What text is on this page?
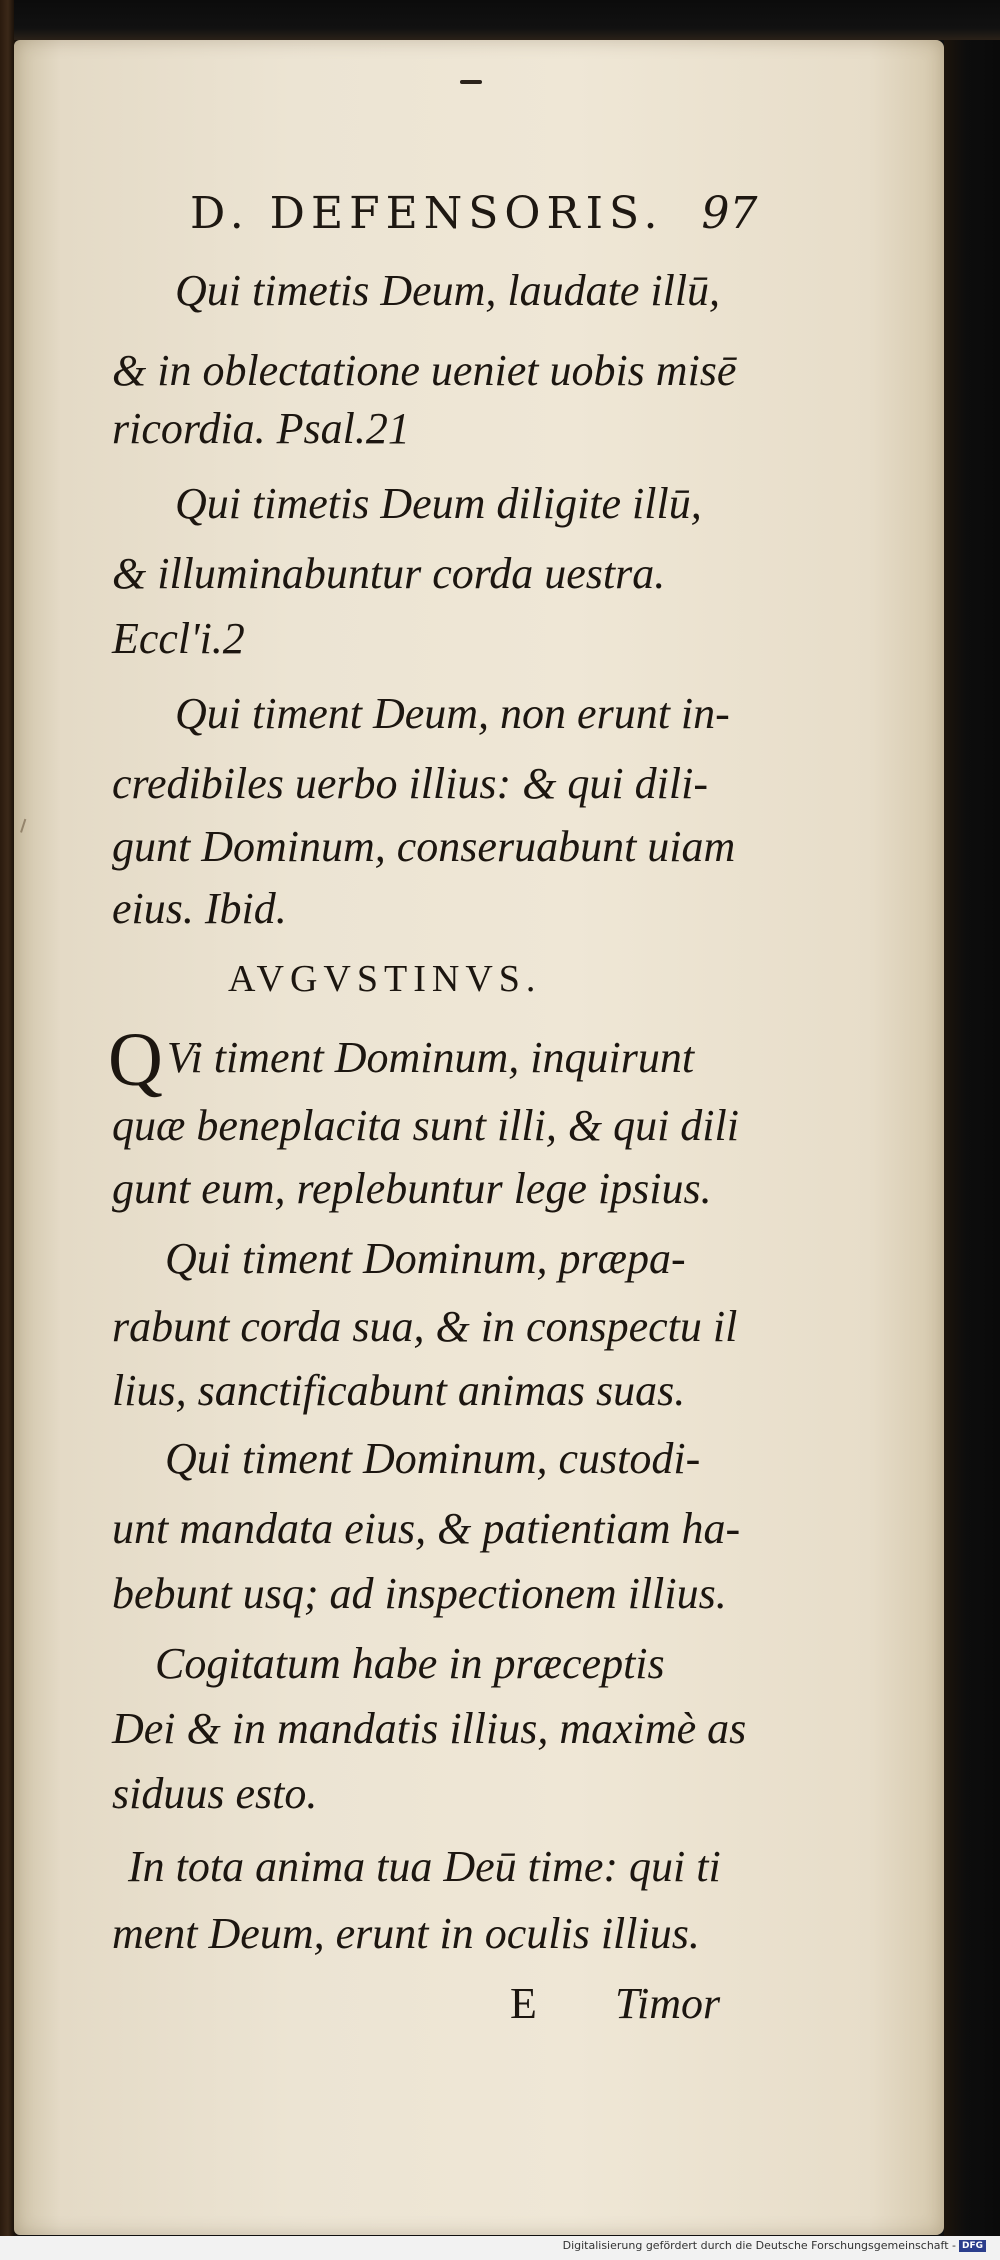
D. DEFENSORIS. 97
Qui timetis Deum, laudate illū,
& in oblectatione ueniet uobis misē
ricordia. Psal.21
Qui timetis Deum diligite illū,
& illuminabuntur corda uestra.
Eccl'i.2
Qui timent Deum, non erunt in-
credibiles uerbo illius: & qui dili-
gunt Dominum, conseruabunt uiam
eius. Ibid.
AVGVSTINVS.
QVi timent Dominum, inquirunt
quæ beneplacita sunt illi, & qui dili
gunt eum, replebuntur lege ipsius.
Qui timent Dominum, præpa-
rabunt corda sua, & in conspectu il
lius, sanctificabunt animas suas.
Qui timent Dominum, custodi-
unt mandata eius, & patientiam ha-
bebunt usq; ad inspectionem illius.
Cogitatum habe in præceptis
Dei & in mandatis illius, maximè as
siduus esto.
In tota anima tua Deū time: qui ti
ment Deum, erunt in oculis illius.
E Timor
Digitalisierung gefördert durch die Deutsche Forschungsgemeinschaft - DFG
